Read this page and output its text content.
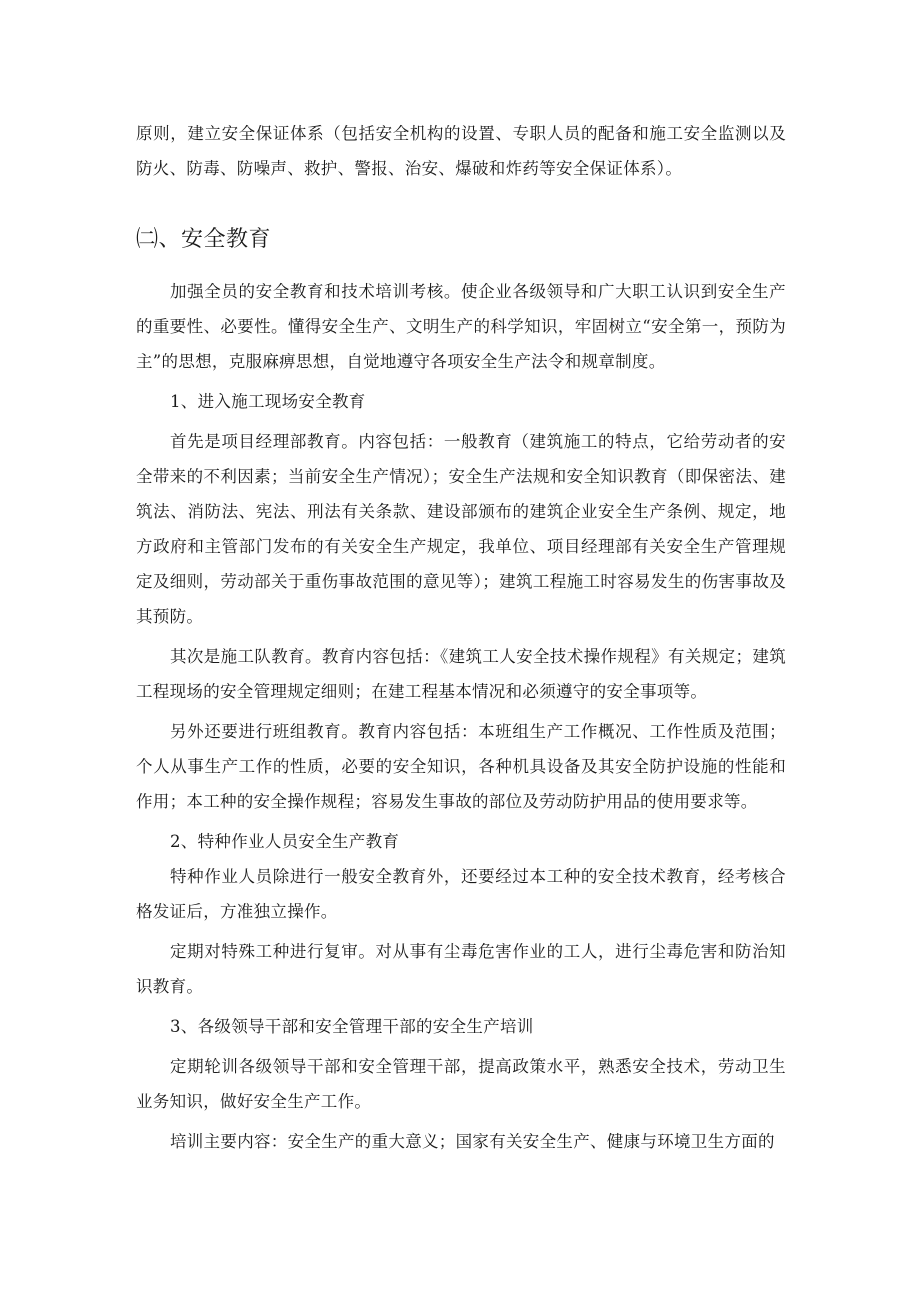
原则，建立安全保证体系（包括安全机构的设置、专职人员的配备和施工安全监测以及防火、防毒、防噪声、救护、警报、治安、爆破和炸药等安全保证体系）。

㈡、安全教育

加强全员的安全教育和技术培训考核。使企业各级领导和广大职工认识到安全生产的重要性、必要性。懂得安全生产、文明生产的科学知识，牢固树立“安全第一，预防为主”的思想，克服麻痹思想，自觉地遵守各项安全生产法令和规章制度。

1、进入施工现场安全教育

首先是项目经理部教育。内容包括：一般教育（建筑施工的特点，它给劳动者的安全带来的不利因素；当前安全生产情况）；安全生产法规和安全知识教育（即保密法、建筑法、消防法、宪法、刑法有关条款、建设部颁布的建筑企业安全生产条例、规定，地方政府和主管部门发布的有关安全生产规定，我单位、项目经理部有关安全生产管理规定及细则，劳动部关于重伤事故范围的意见等）；建筑工程施工时容易发生的伤害事故及其预防。

其次是施工队教育。教育内容包括：《建筑工人安全技术操作规程》有关规定；建筑工程现场的安全管理规定细则；在建工程基本情况和必须遵守的安全事项等。

另外还要进行班组教育。教育内容包括：本班组生产工作概况、工作性质及范围；个人从事生产工作的性质，必要的安全知识，各种机具设备及其安全防护设施的性能和作用；本工种的安全操作规程；容易发生事故的部位及劳动防护用品的使用要求等。

2、特种作业人员安全生产教育

特种作业人员除进行一般安全教育外，还要经过本工种的安全技术教育，经考核合格发证后，方准独立操作。

定期对特殊工种进行复审。对从事有尘毒危害作业的工人，进行尘毒危害和防治知识教育。

3、各级领导干部和安全管理干部的安全生产培训

定期轮训各级领导干部和安全管理干部，提高政策水平，熟悉安全技术，劳动卫生业务知识，做好安全生产工作。

培训主要内容：安全生产的重大意义；国家有关安全生产、健康与环境卫生方面的
